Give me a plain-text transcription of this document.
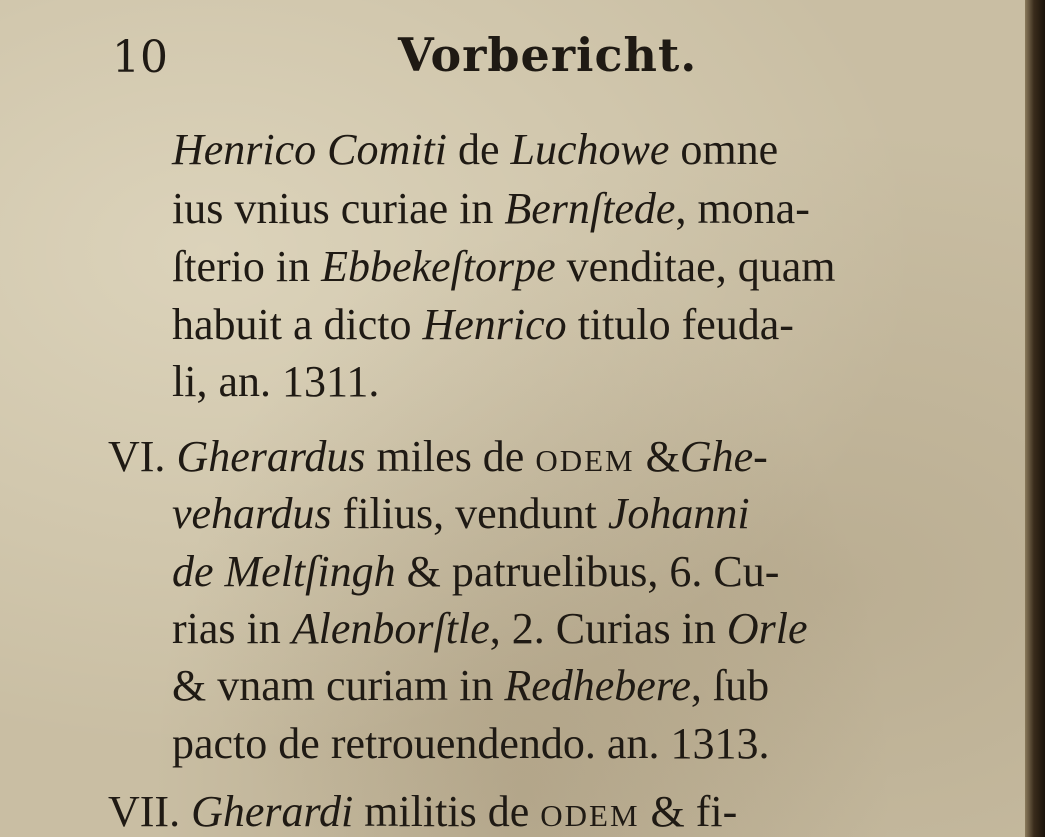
10	Vorbericht.
Henrico Comiti de Luchowe omne
ius vnius curiae in Bernſtede, mona-
ſterio in Ebbekeſtorpe venditae, quam
habuit a dicto Henrico titulo feuda-
li, an. 1311.
VI. Gherardus miles de odem &Ghe-
vehardus filius, vendunt Johanni
de Meltſingh & patruelibus, 6. Cu-
rias in Alenborſtle, 2. Curias in Orle
& vnam curiam in Redhebere, ſub
pacto de retrouendendo. an. 1313.
VII. Gherardi militis de odem & fi-
